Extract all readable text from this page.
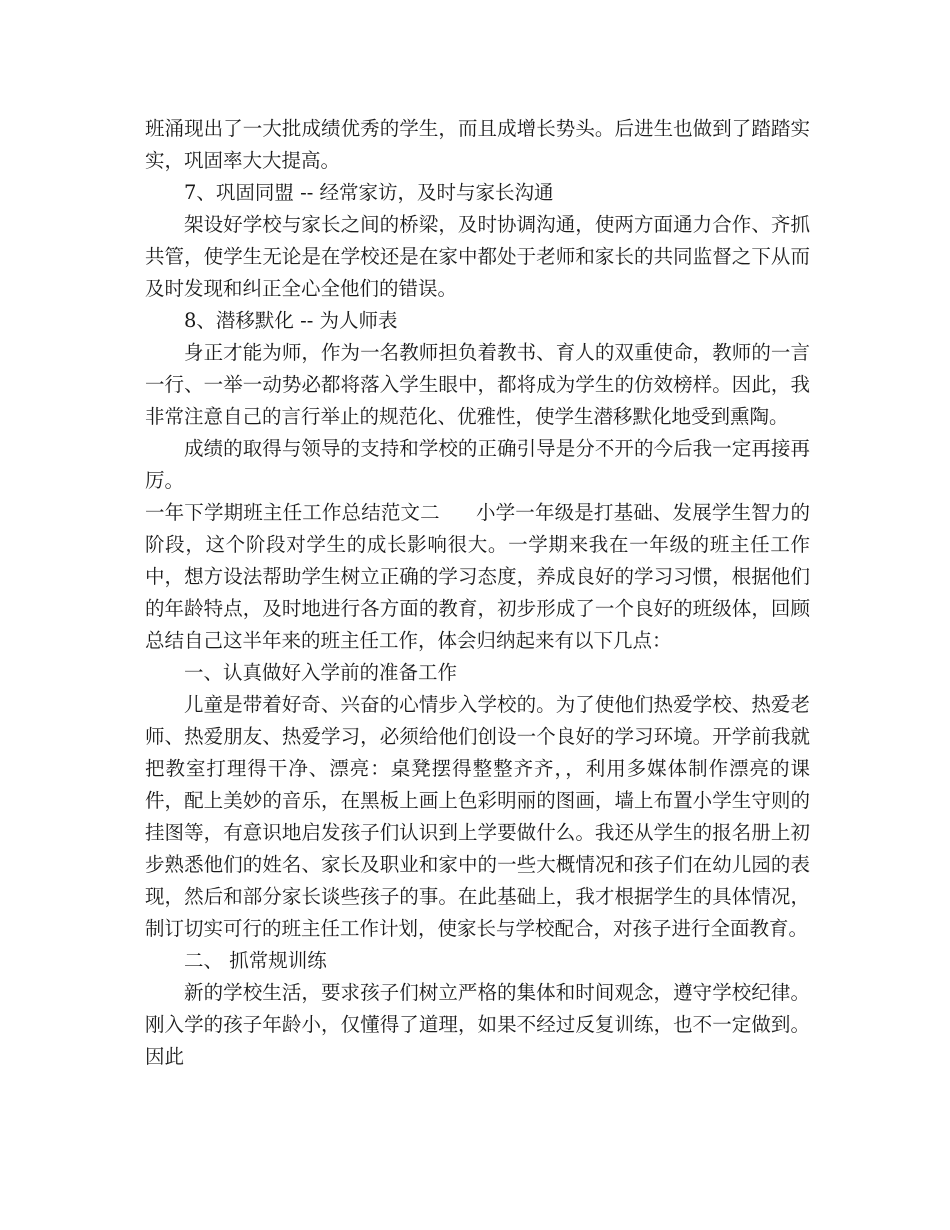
班涌现出了一大批成绩优秀的学生，而且成增长势头。后进生也做到了踏踏实实，巩固率大大提高。

7、巩固同盟 -- 经常家访，及时与家长沟通

架设好学校与家长之间的桥梁，及时协调沟通，使两方面通力合作、齐抓共管，使学生无论是在学校还是在家中都处于老师和家长的共同监督之下从而及时发现和纠正全心全他们的错误。

8、潜移默化 -- 为人师表

身正才能为师，作为一名教师担负着教书、育人的双重使命，教师的一言一行、一举一动势必都将落入学生眼中，都将成为学生的仿效榜样。因此，我非常注意自己的言行举止的规范化、优雅性，使学生潜移默化地受到熏陶。

成绩的取得与领导的支持和学校的正确引导是分不开的今后我一定再接再厉。

一年下学期班主任工作总结范文二 小学一年级是打基础、发展学生智力的阶段，这个阶段对学生的成长影响很大。一学期来我在一年级的班主任工作中，想方设法帮助学生树立正确的学习态度，养成良好的学习习惯，根据他们的年龄特点，及时地进行各方面的教育，初步形成了一个良好的班级体，回顾总结自己这半年来的班主任工作，体会归纳起来有以下几点：

一、认真做好入学前的准备工作

儿童是带着好奇、兴奋的心情步入学校的。为了使他们热爱学校、热爱老师、热爱朋友、热爱学习，必须给他们创设一个良好的学习环境。开学前我就把教室打理得干净、漂亮：桌凳摆得整整齐齐，，利用多媒体制作漂亮的课件，配上美妙的音乐，在黑板上画上色彩明丽的图画，墙上布置小学生守则的挂图等，有意识地启发孩子们认识到上学要做什么。我还从学生的报名册上初步熟悉他们的姓名、家长及职业和家中的一些大概情况和孩子们在幼儿园的表现，然后和部分家长谈些孩子的事。在此基础上，我才根据学生的具体情况，制订切实可行的班主任工作计划，使家长与学校配合，对孩子进行全面教育。

二、 抓常规训练

新的学校生活，要求孩子们树立严格的集体和时间观念，遵守学校纪律。刚入学的孩子年龄小，仅懂得了道理，如果不经过反复训练，也不一定做到。因此
